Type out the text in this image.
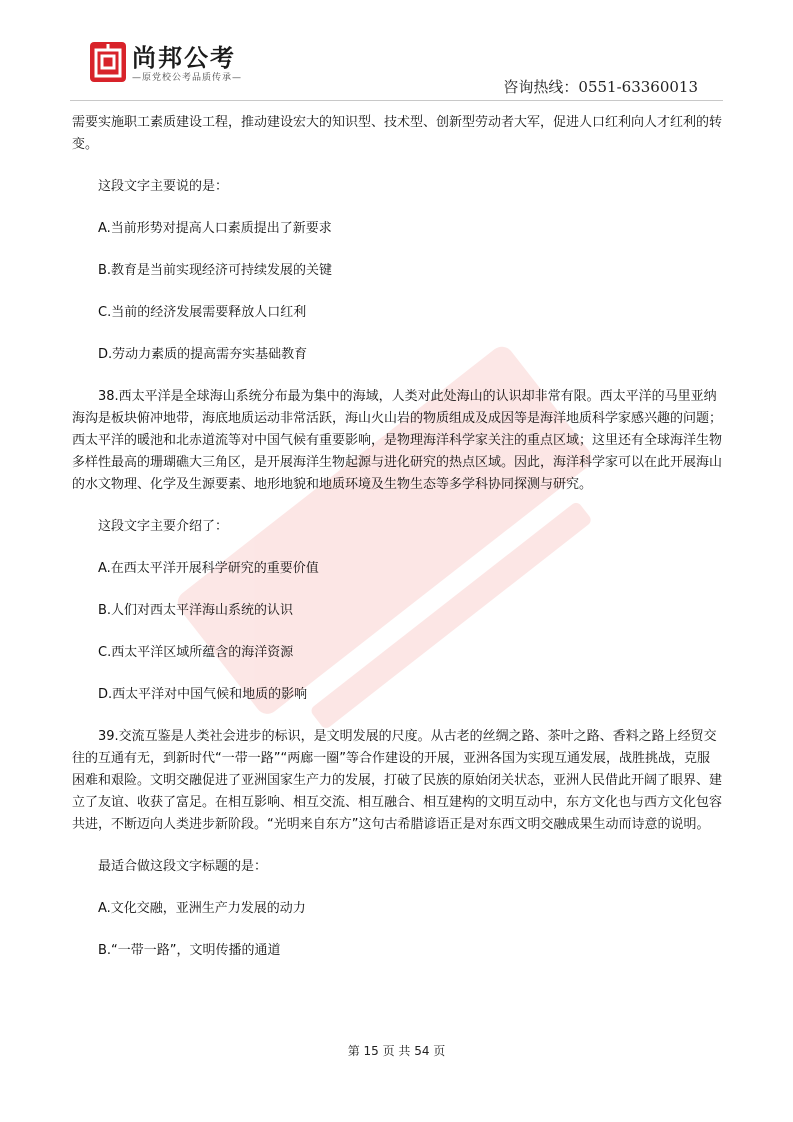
尚邦公考
—原党校公考品质传承—	咨询热线：0551-63360013

需要实施职工素质建设工程，推动建设宏大的知识型、技术型、创新型劳动者大军，促进人口红利向人才红利的转变。

这段文字主要说的是：

A.当前形势对提高人口素质提出了新要求

B.教育是当前实现经济可持续发展的关键

C.当前的经济发展需要释放人口红利

D.劳动力素质的提高需夯实基础教育

38.西太平洋是全球海山系统分布最为集中的海域，人类对此处海山的认识却非常有限。西太平洋的马里亚纳海沟是板块俯冲地带，海底地质运动非常活跃，海山火山岩的物质组成及成因等是海洋地质科学家感兴趣的问题；西太平洋的暖池和北赤道流等对中国气候有重要影响，是物理海洋科学家关注的重点区域；这里还有全球海洋生物多样性最高的珊瑚礁大三角区，是开展海洋生物起源与进化研究的热点区域。因此，海洋科学家可以在此开展海山的水文物理、化学及生源要素、地形地貌和地质环境及生物生态等多学科协同探测与研究。

这段文字主要介绍了：

A.在西太平洋开展科学研究的重要价值

B.人们对西太平洋海山系统的认识

C.西太平洋区域所蕴含的海洋资源

D.西太平洋对中国气候和地质的影响

39.交流互鉴是人类社会进步的标识，是文明发展的尺度。从古老的丝绸之路、茶叶之路、香料之路上经贸交往的互通有无，到新时代“一带一路”“两廊一圈”等合作建设的开展，亚洲各国为实现互通发展，战胜挑战，克服困难和艰险。文明交融促进了亚洲国家生产力的发展，打破了民族的原始闭关状态，亚洲人民借此开阔了眼界、建立了友谊、收获了富足。在相互影响、相互交流、相互融合、相互建构的文明互动中，东方文化也与西方文化包容共进，不断迈向人类进步新阶段。“光明来自东方”这句古希腊谚语正是对东西文明交融成果生动而诗意的说明。

最适合做这段文字标题的是：

A.文化交融，亚洲生产力发展的动力

B.“一带一路”，文明传播的通道

第 15 页 共 54 页
